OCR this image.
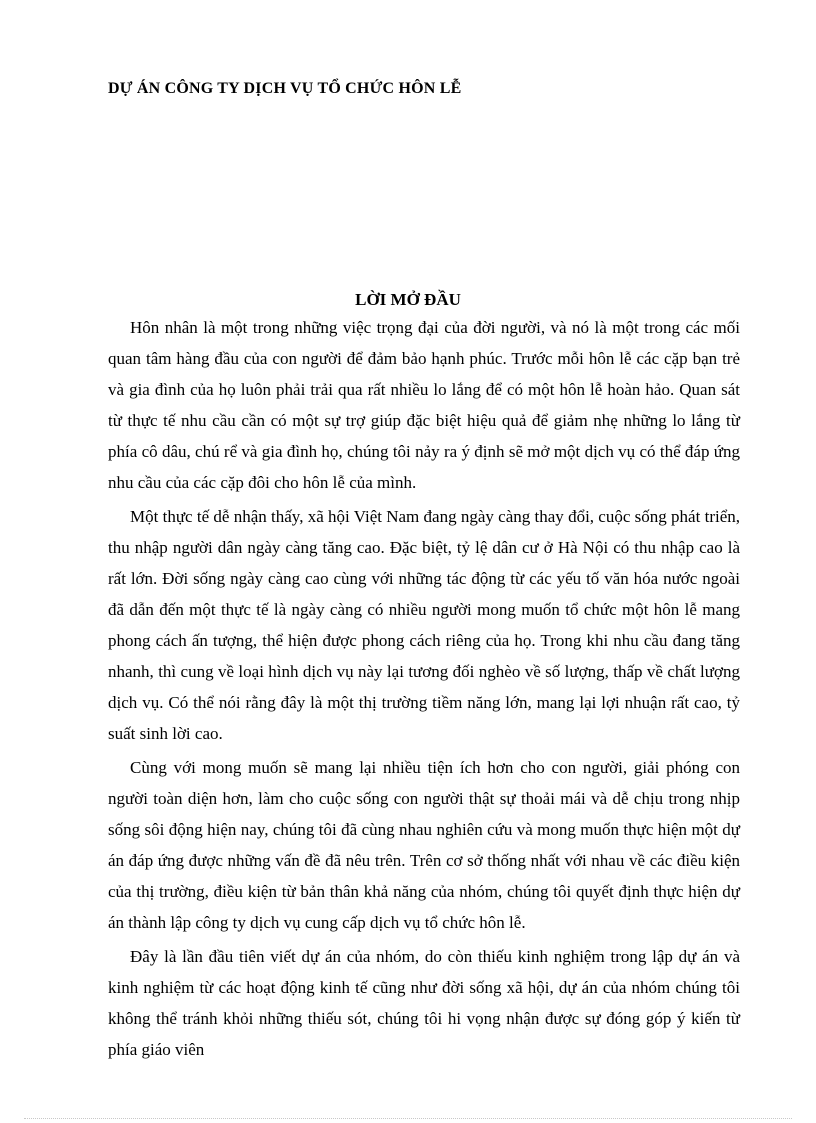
DỰ ÁN CÔNG TY DỊCH VỤ TỔ CHỨC HÔN LỄ
LỜI MỞ ĐẦU

Hôn nhân là một trong những việc trọng đại của đời người, và nó là một trong các mối quan tâm hàng đầu của con người để đảm bảo hạnh phúc. Trước mỗi hôn lễ các cặp bạn trẻ và gia đình của họ luôn phải trải qua rất nhiều lo lắng để có một hôn lễ hoàn hảo. Quan sát từ thực tế nhu cầu cần có một sự trợ giúp đặc biệt hiệu quả để giảm nhẹ những lo lắng từ phía cô dâu, chú rể và gia đình họ, chúng tôi nảy ra ý định sẽ mở một dịch vụ có thể đáp ứng nhu cầu của các cặp đôi cho hôn lễ của mình.

Một thực tế dễ nhận thấy, xã hội Việt Nam đang ngày càng thay đổi, cuộc sống phát triển, thu nhập người dân ngày càng tăng cao. Đặc biệt, tỷ lệ dân cư ở Hà Nội có thu nhập cao là rất lớn. Đời sống ngày càng cao cùng với những tác động từ các yếu tố văn hóa nước ngoài đã dẫn đến một thực tế là ngày càng có nhiều người mong muốn tổ chức một hôn lễ mang phong cách ấn tượng, thể hiện được phong cách riêng của họ. Trong khi nhu cầu đang tăng nhanh, thì cung về loại hình dịch vụ này lại tương đối nghèo về số lượng, thấp về chất lượng dịch vụ. Có thể nói rằng đây là một thị trường tiềm năng lớn, mang lại lợi nhuận rất cao, tỷ suất sinh lời cao.

Cùng với mong muốn sẽ mang lại nhiều tiện ích hơn cho con người, giải phóng con người toàn diện hơn, làm cho cuộc sống con người thật sự thoải mái và dễ chịu trong nhịp sống sôi động hiện nay, chúng tôi đã cùng nhau nghiên cứu và mong muốn thực hiện một dự án đáp ứng được những vấn đề đã nêu trên. Trên cơ sở thống nhất với nhau về các điều kiện của thị trường, điều kiện từ bản thân khả năng của nhóm, chúng tôi quyết định thực hiện dự án thành lập công ty dịch vụ cung cấp dịch vụ tổ chức hôn lễ.

Đây là lần đầu tiên viết dự án của nhóm, do còn thiếu kinh nghiệm trong lập dự án và kinh nghiệm từ các hoạt động kinh tế cũng như đời sống xã hội, dự án của nhóm chúng tôi không thể tránh khỏi những thiếu sót, chúng tôi hi vọng nhận được sự đóng góp ý kiến từ phía giáo viên
